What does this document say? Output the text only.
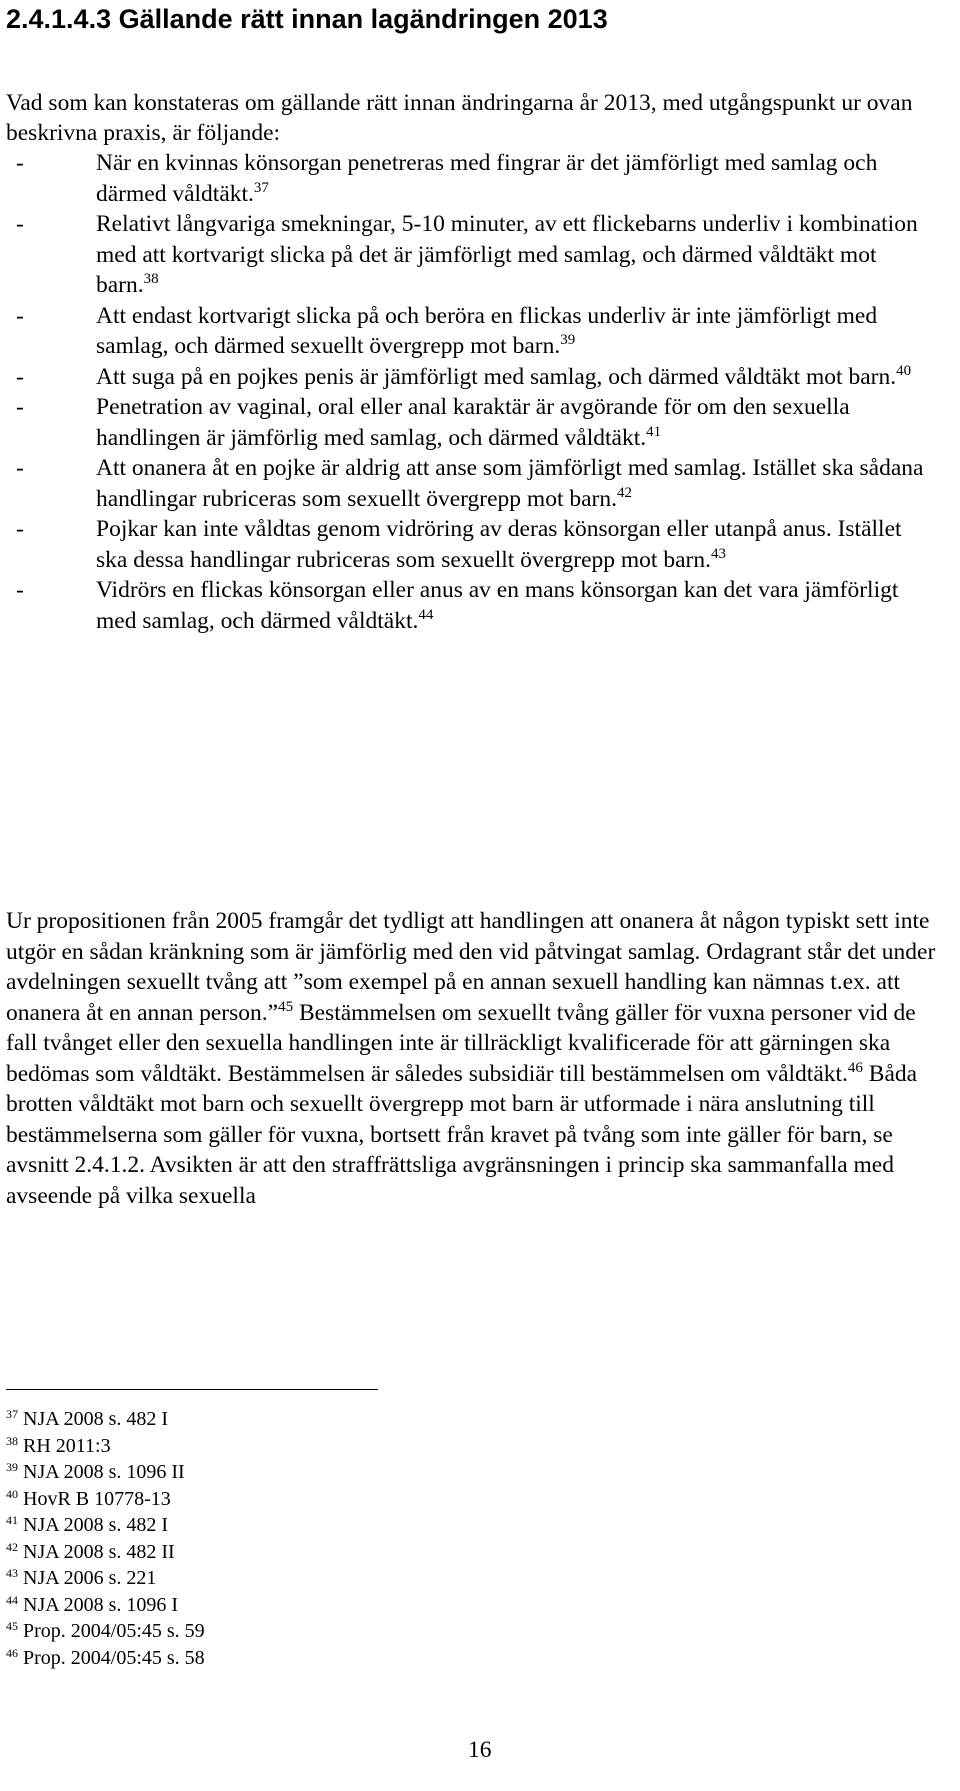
2.4.1.4.3 Gällande rätt innan lagändringen 2013
Vad som kan konstateras om gällande rätt innan ändringarna år 2013, med utgångspunkt ur ovan beskrivna praxis, är följande:
- När en kvinnas könsorgan penetreras med fingrar är det jämförligt med samlag och därmed våldtäkt.$^{37}$
- Relativt långvariga smekningar, 5-10 minuter, av ett flickebarns underliv i kombination med att kortvarigt slicka på det är jämförligt med samlag, och därmed våldtäkt mot barn.$^{38}$
- Att endast kortvarigt slicka på och beröra en flickas underliv är inte jämförligt med samlag, och därmed sexuellt övergrepp mot barn.$^{39}$
- Att suga på en pojkes penis är jämförligt med samlag, och därmed våldtäkt mot barn.$^{40}$
- Penetration av vaginal, oral eller anal karaktär är avgörande för om den sexuella handlingen är jämförlig med samlag, och därmed våldtäkt.$^{41}$
- Att onanera åt en pojke är aldrig att anse som jämförligt med samlag. Istället ska sådana handlingar rubriceras som sexuellt övergrepp mot barn.$^{42}$
- Pojkar kan inte våldtas genom vidröring av deras könsorgan eller utanpå anus. Istället ska dessa handlingar rubriceras som sexuellt övergrepp mot barn.$^{43}$
- Vidrörs en flickas könsorgan eller anus av en mans könsorgan kan det vara jämförligt med samlag, och därmed våldtäkt.$^{44}$

Ur propositionen från 2005 framgår det tydligt att handlingen att onanera åt någon typiskt sett inte utgör en sådan kränkning som är jämförlig med den vid påtvingat samlag. Ordagrant står det under avdelningen sexuellt tvång att ”som exempel på en annan sexuell handling kan nämnas t.ex. att onanera åt en annan person.”$^{45}$ Bestämmelsen om sexuellt tvång gäller för vuxna personer vid de fall tvånget eller den sexuella handlingen inte är tillräckligt kvalificerade för att gärningen ska bedömas som våldtäkt. Bestämmelsen är således subsidiär till bestämmelsen om våldtäkt.$^{46}$ Båda brotten våldtäkt mot barn och sexuellt övergrepp mot barn är utformade i nära anslutning till bestämmelserna som gäller för vuxna, bortsett från kravet på tvång som inte gäller för barn, se avsnitt 2.4.1.2. Avsikten är att den straffrättsliga avgränsningen i princip ska sammanfalla med avseende på vilka sexuella

$^{37}$ NJA 2008 s. 482 I
$^{38}$ RH 2011:3
$^{39}$ NJA 2008 s. 1096 II
$^{40}$ HovR B 10778-13
$^{41}$ NJA 2008 s. 482 I
$^{42}$ NJA 2008 s. 482 II
$^{43}$ NJA 2006 s. 221
$^{44}$ NJA 2008 s. 1096 I
$^{45}$ Prop. 2004/05:45 s. 59
$^{46}$ Prop. 2004/05:45 s. 58
16
